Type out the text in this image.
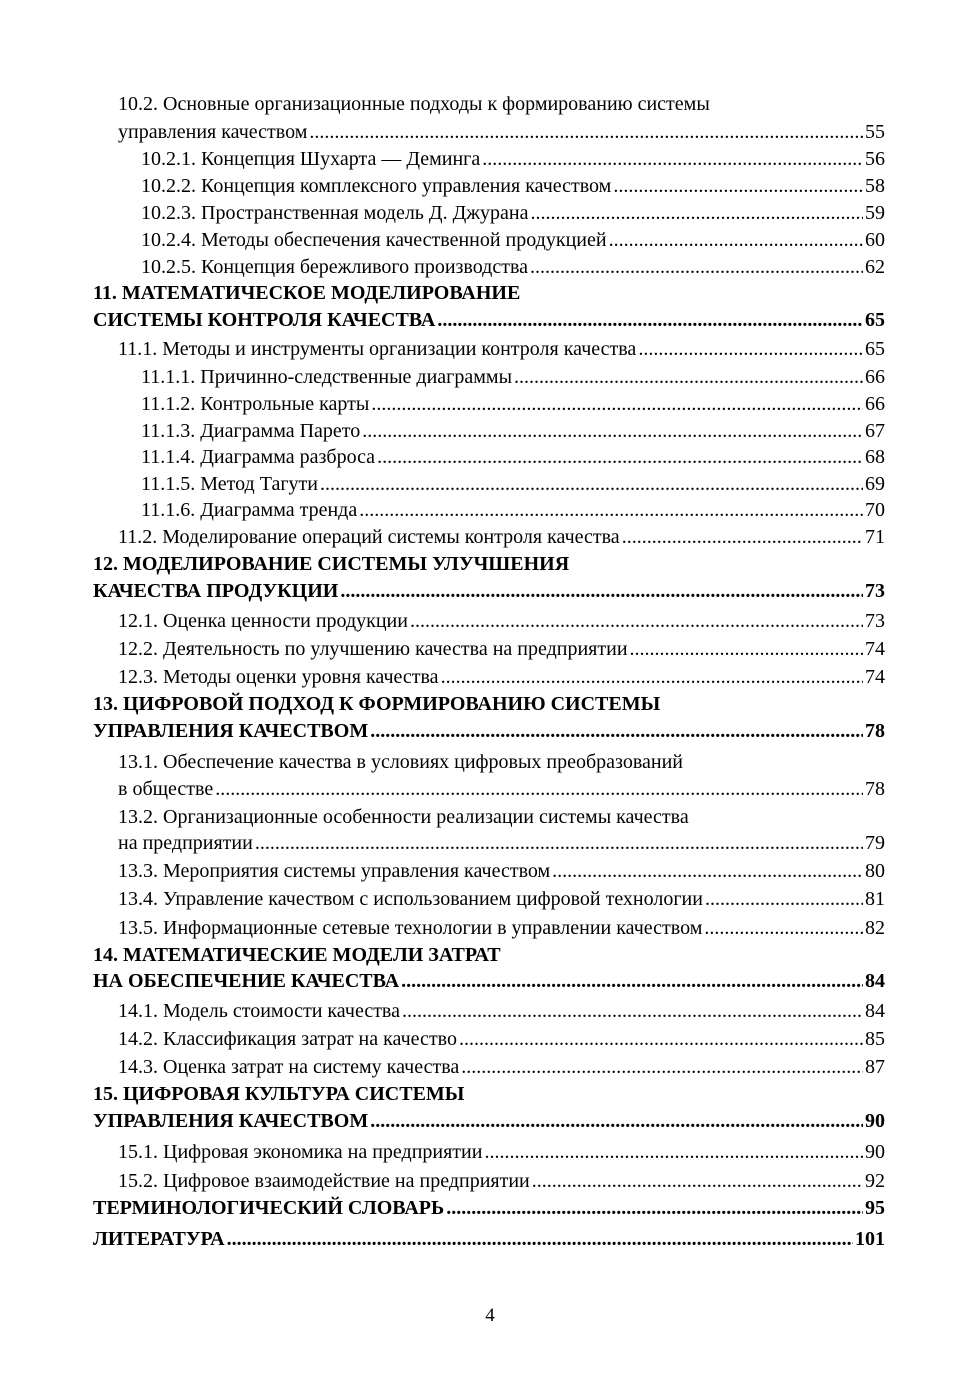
10.2. Основные организационные подходы к формированию системы
управления качеством .....	55
10.2.1. Концепция Шухарта — Деминга .....	56
10.2.2. Концепция комплексного управления качеством .....	58
10.2.3. Пространственная модель Д. Джурана .....	59
10.2.4. Методы обеспечения качественной продукцией .....	60
10.2.5. Концепция бережливого производства .....	62
11. МАТЕМАТИЧЕСКОЕ МОДЕЛИРОВАНИЕ
СИСТЕМЫ КОНТРОЛЯ КАЧЕСТВА .....	65
11.1. Методы и инструменты организации контроля качества .....	65
11.1.1. Причинно-следственные диаграммы .....	66
11.1.2. Контрольные карты .....	66
11.1.3. Диаграмма Парето .....	67
11.1.4. Диаграмма разброса .....	68
11.1.5. Метод Тагути .....	69
11.1.6. Диаграмма тренда .....	70
11.2. Моделирование операций системы контроля качества .....	71
12. МОДЕЛИРОВАНИЕ СИСТЕМЫ УЛУЧШЕНИЯ
КАЧЕСТВА ПРОДУКЦИИ .....	73
12.1. Оценка ценности продукции .....	73
12.2. Деятельность по улучшению качества на предприятии .....	74
12.3. Методы оценки уровня качества .....	74
13. ЦИФРОВОЙ ПОДХОД К ФОРМИРОВАНИЮ СИСТЕМЫ
УПРАВЛЕНИЯ КАЧЕСТВОМ .....	78
13.1. Обеспечение качества в условиях цифровых преобразований
в обществе .....	78
13.2. Организационные особенности реализации системы качества
на предприятии .....	79
13.3. Мероприятия системы управления качеством .....	80
13.4. Управление качеством с использованием цифровой технологии .....	81
13.5. Информационные сетевые технологии в управлении качеством .....	82
14. МАТЕМАТИЧЕСКИЕ МОДЕЛИ ЗАТРАТ
НА ОБЕСПЕЧЕНИЕ КАЧЕСТВА .....	84
14.1. Модель стоимости качества .....	84
14.2. Классификация затрат на качество .....	85
14.3. Оценка затрат на систему качества .....	87
15. ЦИФРОВАЯ КУЛЬТУРА СИСТЕМЫ
УПРАВЛЕНИЯ КАЧЕСТВОМ .....	90
15.1. Цифровая экономика на предприятии .....	90
15.2. Цифровое взаимодействие на предприятии .....	92
ТЕРМИНОЛОГИЧЕСКИЙ СЛОВАРЬ .....	95
ЛИТЕРАТУРА .....	101
4
